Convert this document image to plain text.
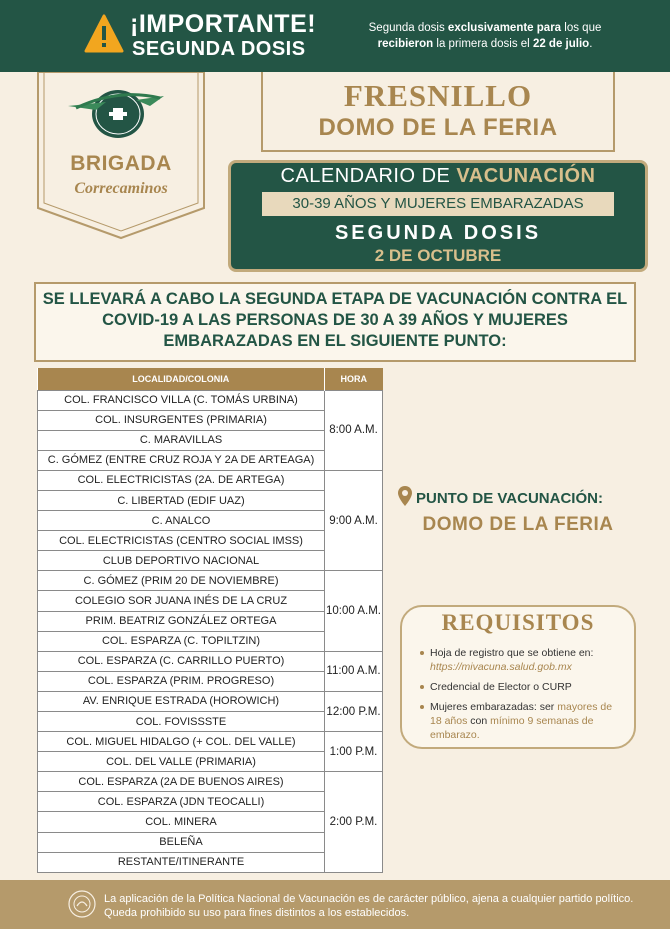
¡IMPORTANTE!
SEGUNDA DOSIS
Segunda dosis exclusivamente para los que
recibieron la primera dosis el 22 de julio.
BRIGADA
Correcaminos
FRESNILLO
DOMO DE LA FERIA
CALENDARIO DE VACUNACIÓN
30-39 AÑOS Y MUJERES EMBARAZADAS
SEGUNDA DOSIS
2 DE OCTUBRE
SE LLEVARÁ A CABO LA SEGUNDA ETAPA DE VACUNACIÓN CONTRA EL COVID-19 A LAS PERSONAS DE 30 A 39 AÑOS Y MUJERES EMBARAZADAS EN EL SIGUIENTE PUNTO:
LOCALIDAD/COLONIA	HORA
COL. FRANCISCO VILLA (C. TOMÁS URBINA)	8:00 A.M.
COL. INSURGENTES (PRIMARIA)	
C. MARAVILLAS	
C. GÓMEZ (ENTRE CRUZ ROJA Y 2A DE ARTEAGA)	
COL. ELECTRICISTAS (2A. DE ARTEGA)	9:00 A.M.
C. LIBERTAD (EDIF UAZ)	
C. ANALCO	
COL. ELECTRICISTAS (CENTRO SOCIAL IMSS)	
CLUB DEPORTIVO NACIONAL	
C. GÓMEZ (PRIM 20 DE NOVIEMBRE)	10:00 A.M.
COLEGIO SOR JUANA INÉS DE LA CRUZ	
PRIM. BEATRIZ GONZÁLEZ ORTEGA	
COL. ESPARZA (C. TOPILTZIN)	
COL. ESPARZA (C. CARRILLO PUERTO)	11:00 A.M.
COL. ESPARZA (PRIM. PROGRESO)	
AV. ENRIQUE ESTRADA (HOROWICH)	12:00 P.M.
COL. FOVISSSTE	
COL. MIGUEL HIDALGO (+ COL. DEL VALLE)	1:00 P.M.
COL. DEL VALLE (PRIMARIA)	
COL. ESPARZA (2A DE BUENOS AIRES)	2:00 P.M.
COL. ESPARZA (JDN TEOCALLI)	
COL. MINERA	
BELEÑA	
RESTANTE/ITINERANTE	
PUNTO DE VACUNACIÓN:
DOMO DE LA FERIA
REQUISITOS
Hoja de registro que se obtiene en: https://mivacuna.salud.gob.mx
Credencial de Elector o CURP
Mujeres embarazadas: ser mayores de 18 años con mínimo 9 semanas de embarazo.
La aplicación de la Política Nacional de Vacunación es de carácter público, ajena a cualquier partido político. Queda prohibido su uso para fines distintos a los establecidos.
